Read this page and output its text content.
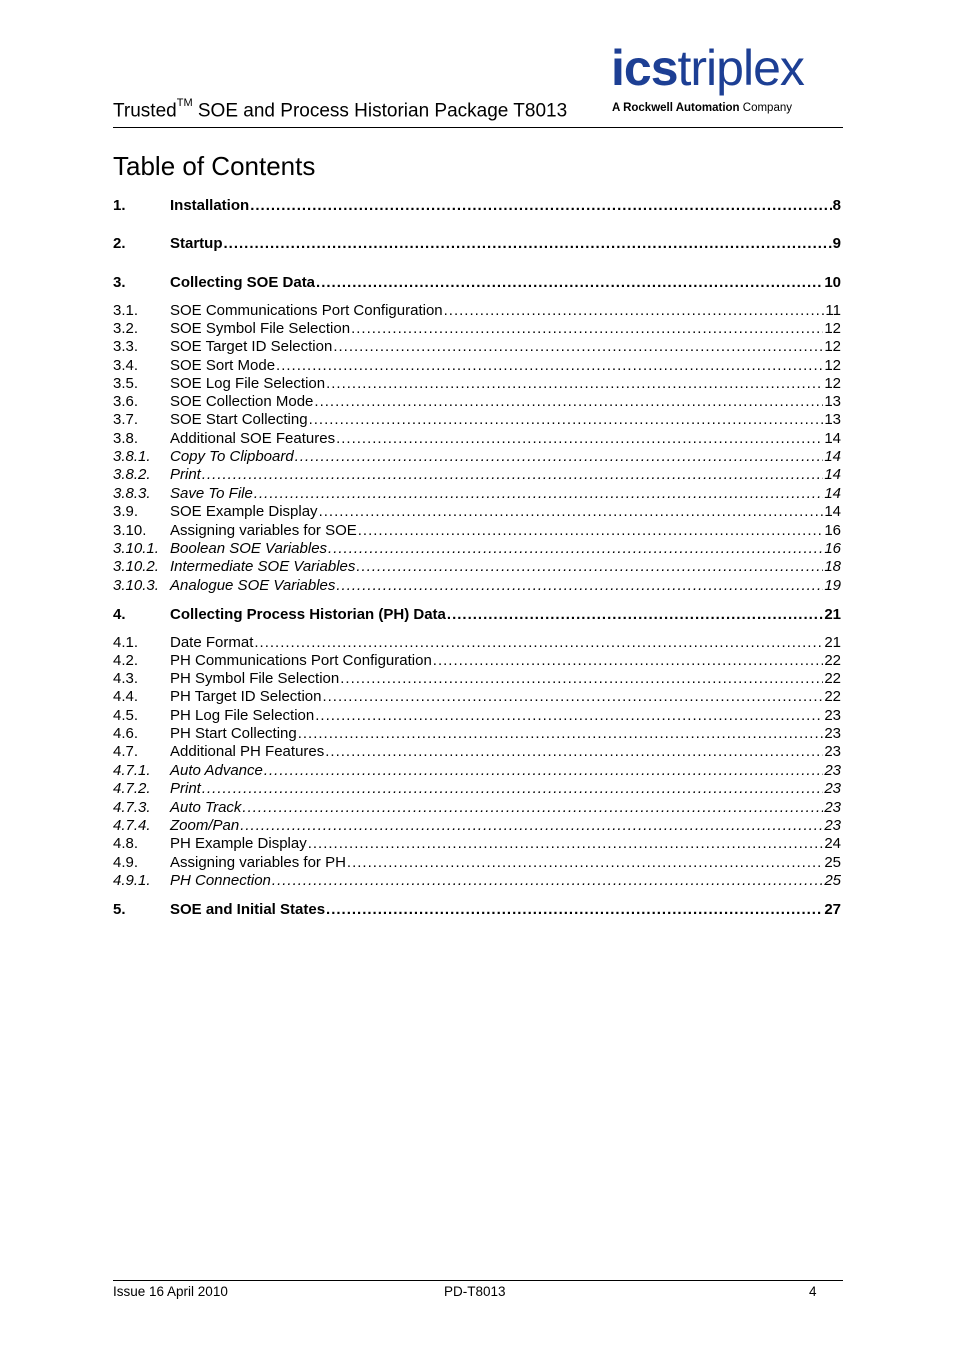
Trusted™ SOE and Process Historian Package T8013
icstriplex
A Rockwell Automation Company
Table of Contents
1.	Installation .....	8
2.	Startup .....	9
3.	Collecting SOE Data .....	10
3.1.	SOE Communications Port Configuration .....	11
3.2.	SOE Symbol File Selection .....	12
3.3.	SOE Target ID Selection .....	12
3.4.	SOE Sort Mode .....	12
3.5.	SOE Log File Selection .....	12
3.6.	SOE Collection Mode .....	13
3.7.	SOE Start Collecting .....	13
3.8.	Additional SOE Features .....	14
3.8.1.	Copy To Clipboard .....	14
3.8.2.	Print .....	14
3.8.3.	Save To File .....	14
3.9.	SOE Example Display .....	14
3.10.	Assigning variables for SOE .....	16
3.10.1. Boolean SOE Variables .....	16
3.10.2. Intermediate SOE Variables .....	18
3.10.3. Analogue SOE Variables .....	19
4.	Collecting Process Historian (PH) Data .....	21
4.1.	Date Format .....	21
4.2.	PH Communications Port Configuration .....	22
4.3.	PH Symbol File Selection .....	22
4.4.	PH Target ID Selection .....	22
4.5.	PH Log File Selection .....	23
4.6.	PH Start Collecting .....	23
4.7.	Additional PH Features .....	23
4.7.1.	Auto Advance .....	23
4.7.2.	Print .....	23
4.7.3.	Auto Track .....	23
4.7.4.	Zoom/Pan .....	23
4.8.	PH Example Display .....	24
4.9.	Assigning variables for PH .....	25
4.9.1.	PH Connection .....	25
5.	SOE and Initial States .....	27
Issue 16 April 2010	PD-T8013	4
